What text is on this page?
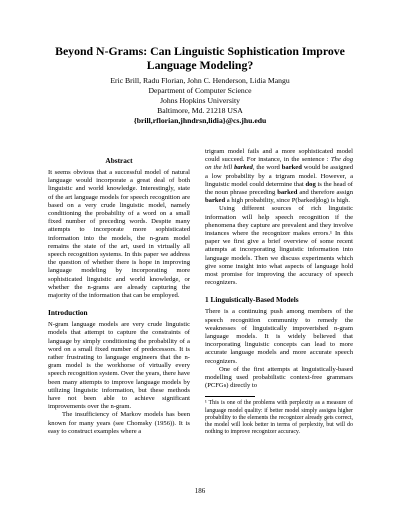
Beyond N-Grams: Can Linguistic Sophistication Improve
Language Modeling?

Eric Brill, Radu Florian, John C. Henderson, Lidia Mangu
Department of Computer Science
Johns Hopkins University
Baltimore, Md. 21218 USA
{brill,rflorian,jhndrsn,lidia}@cs.jhu.edu

Abstract

It seems obvious that a successful model of natural language would incorporate a great deal of both linguistic and world knowledge. Interestingly, state of the art language models for speech recognition are based on a very crude linguistic model, namely conditioning the probability of a word on a small fixed number of preceding words. Despite many attempts to incorporate more sophisticated information into the models, the n-gram model remains the state of the art, used in virtually all speech recognition systems. In this paper we address the question of whether there is hope in improving language modeling by incorporating more sophisticated linguistic and world knowledge, or whether the n-grams are already capturing the majority of the information that can be employed.

Introduction

N-gram language models are very crude linguistic models that attempt to capture the constraints of language by simply conditioning the probability of a word on a small fixed number of predecessors. It is rather frustrating to language engineers that the n-gram model is the workhorse of virtually every speech recognition system. Over the years, there have been many attempts to improve language models by utilizing linguistic information, but these methods have not been able to achieve significant improvements over the n-gram.

The insufficiency of Markov models has been known for many years (see Chomsky (1956)). It is easy to construct examples where a

trigram model fails and a more sophisticated model could succeed. For instance, in the sentence : The dog on the hill barked, the word barked would be assigned a low probability by a trigram model. However, a linguistic model could determine that dog is the head of the noun phrase preceding barked and therefore assign barked a high probability, since P(barked|dog) is high.

Using different sources of rich linguistic information will help speech recognition if the phenomena they capture are prevalent and they involve instances where the recognizer makes errors.¹ In this paper we first give a brief overview of some recent attempts at incorporating linguistic information into language models. Then we discuss experiments which give some insight into what aspects of language hold most promise for improving the accuracy of speech recognizers.

1 Linguistically-Based Models

There is a continuing push among members of the speech recognition community to remedy the weaknesses of linguistically impoverished n-gram language models. It is widely believed that incorporating linguistic concepts can lead to more accurate language models and more accurate speech recognizers.

One of the first attempts at linguistically-based modelling used probabilistic context-free grammars (PCFGs) directly to

¹ This is one of the problems with perplexity as a measure of language model quality: if better model simply assigns higher probability to the elements the recognizer already gets correct, the model will look better in terms of perplexity, but will do nothing to improve recognizer accuracy.

186
